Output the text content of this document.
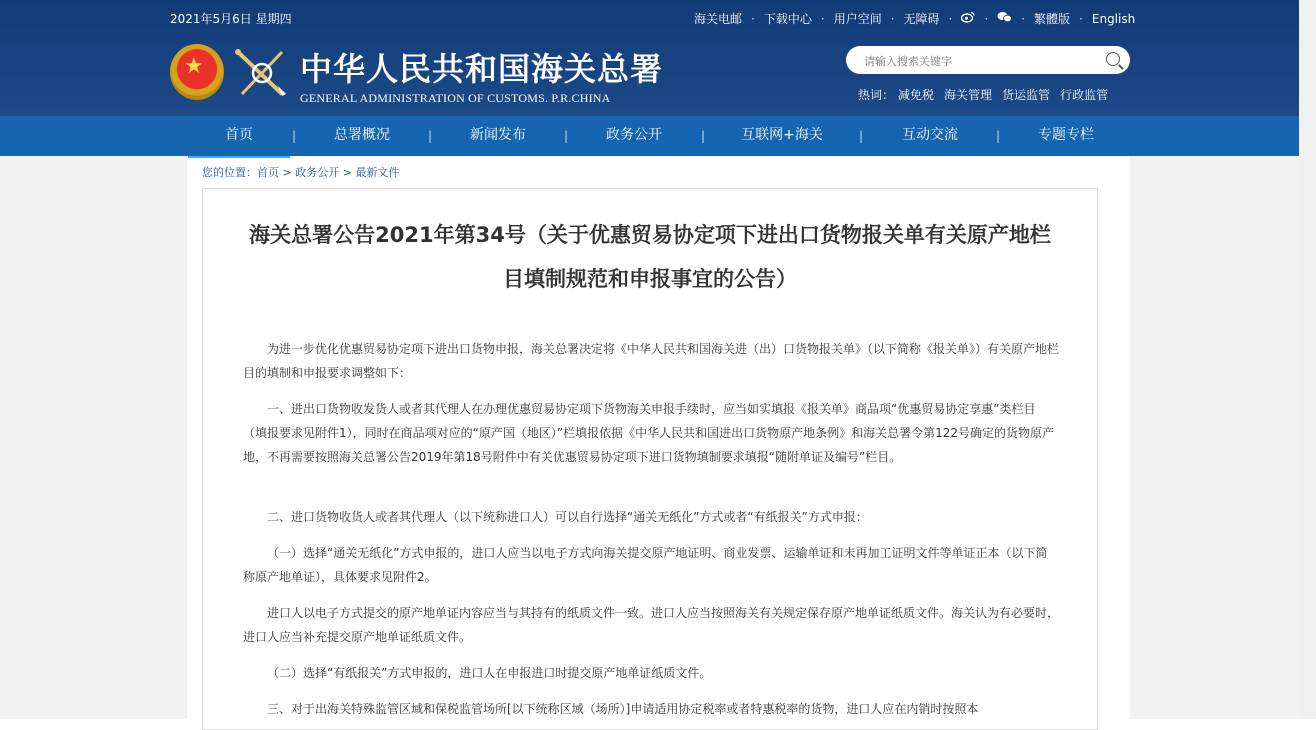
2021年5月6日 星期四	海关电邮 · 下载中心 · 用户空间 · 无障碍 ·	·	· 繁體版 · English
★	中华人民共和国海关总署
GENERAL ADMINISTRATION OF CUSTOMS. P.R.CHINA
请输入搜索关键字	热词： 减免税 海关管理 货运监管 行政监管
首页	|	总署概况	|	新闻发布	|	政务公开	|	互联网+海关	|	互动交流	|	专题专栏
您的位置：首页 > 政务公开 > 最新文件
海关总署公告2021年第34号（关于优惠贸易协定项下进出口货物报关单有关原产地栏目填制规范和申报事宜的公告）
为进一步优化优惠贸易协定项下进出口货物申报，海关总署决定将《中华人民共和国海关进（出）口货物报关单》（以下简称《报关单》）有关原产地栏目的填制和申报要求调整如下：
一、进出口货物收发货人或者其代理人在办理优惠贸易协定项下货物海关申报手续时，应当如实填报《报关单》商品项“优惠贸易协定享惠”类栏目（填报要求见附件1），同时在商品项对应的“原产国（地区）”栏填报依据《中华人民共和国进出口货物原产地条例》和海关总署令第122号确定的货物原产地，不再需要按照海关总署公告2019年第18号附件中有关优惠贸易协定项下进口货物填制要求填报“随附单证及编号”栏目。
二、进口货物收货人或者其代理人（以下统称进口人）可以自行选择“通关无纸化”方式或者“有纸报关”方式申报：
（一）选择“通关无纸化”方式申报的，进口人应当以电子方式向海关提交原产地证明、商业发票、运输单证和未再加工证明文件等单证正本（以下简称原产地单证），具体要求见附件2。
进口人以电子方式提交的原产地单证内容应当与其持有的纸质文件一致。进口人应当按照海关有关规定保存原产地单证纸质文件。海关认为有必要时，进口人应当补充提交原产地单证纸质文件。
（二）选择“有纸报关”方式申报的，进口人在申报进口时提交原产地单证纸质文件。
三、对于出海关特殊监管区域和保税监管场所[以下统称区域（场所）]申请适用协定税率或者特惠税率的货物，进口人应在内销时按照本
